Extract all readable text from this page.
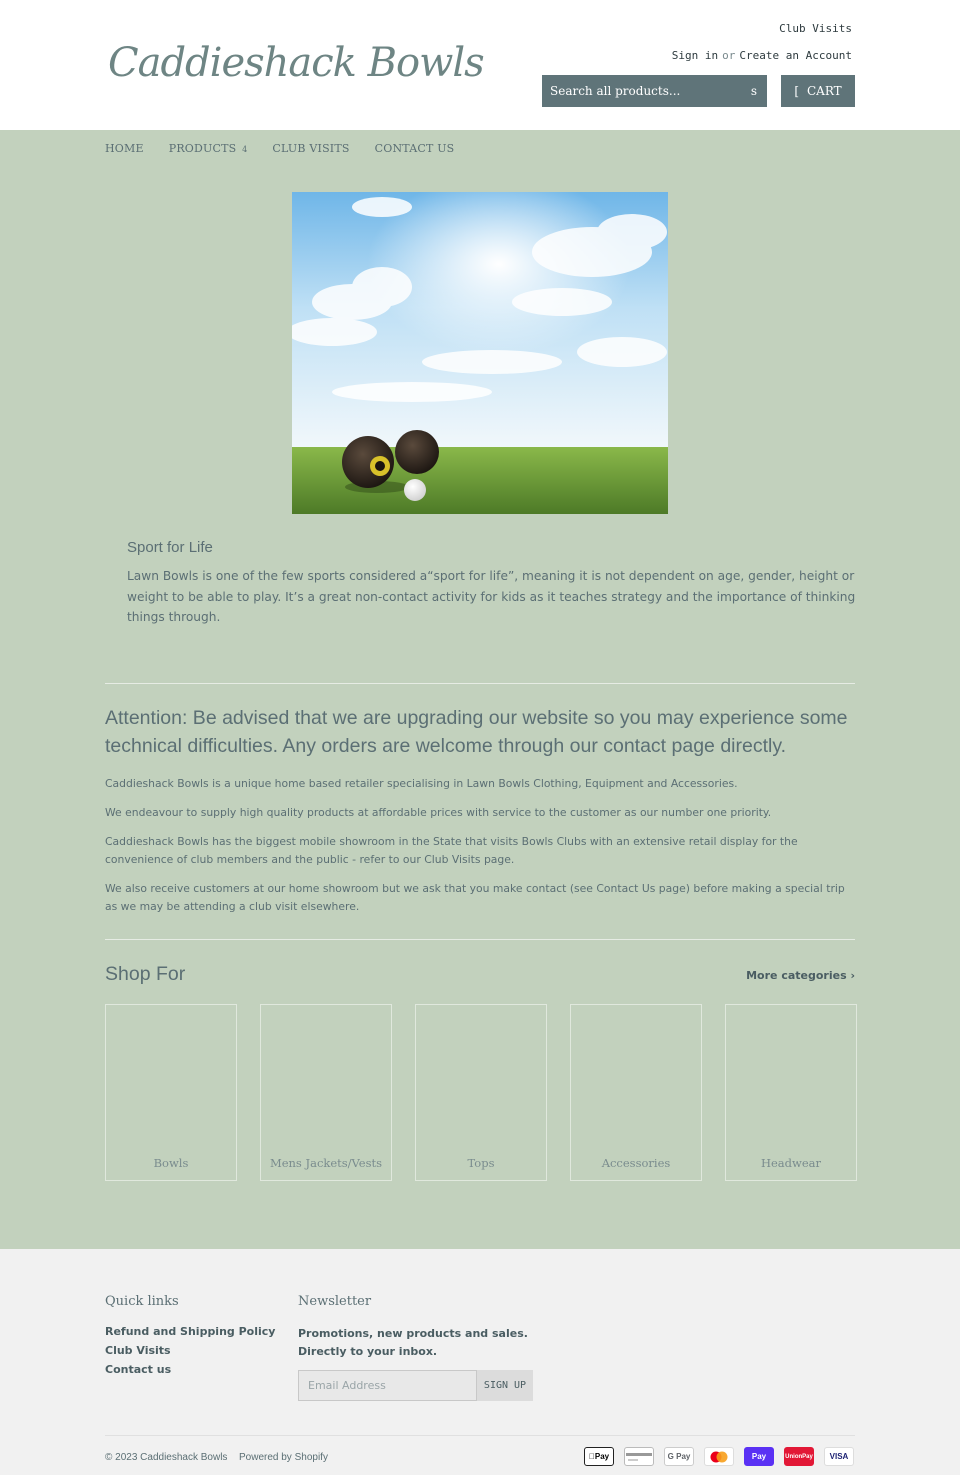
Caddieshack Bowls
Club Visits
Sign in or Create an Account
Search all products...
s	[ CART
HOME PRODUCTS 4 CLUB VISITS CONTACT US
Sport for Life
Lawn Bowls is one of the few sports considered a“sport for life”, meaning it is not dependent on age, gender, height or weight to be able to play. It’s a great non-contact activity for kids as it teaches strategy and the importance of thinking things through.
Attention: Be advised that we are upgrading our website so you may experience some technical difficulties. Any orders are welcome through our contact page directly.
Caddieshack Bowls is a unique home based retailer specialising in Lawn Bowls Clothing, Equipment and Accessories.
We endeavour to supply high quality products at affordable prices with service to the customer as our number one priority.
Caddieshack Bowls has the biggest mobile showroom in the State that visits Bowls Clubs with an extensive retail display for the convenience of club members and the public - refer to our Club Visits page.
We also receive customers at our home showroom but we ask that you make contact (see Contact Us page) before making a special trip as we may be attending a club visit elsewhere.
Shop For	More categories ›
Bowls	Mens Jackets/Vests	Tops	Accessories	Headwear
Quick links
Refund and Shipping Policy
Club Visits
Contact us
Newsletter
Promotions, new products and sales. Directly to your inbox.
Email Address
SIGN UP
© 2023 Caddieshack Bowls Powered by Shopify	Pay	G Pay	Pay	UnionPay	VISA
